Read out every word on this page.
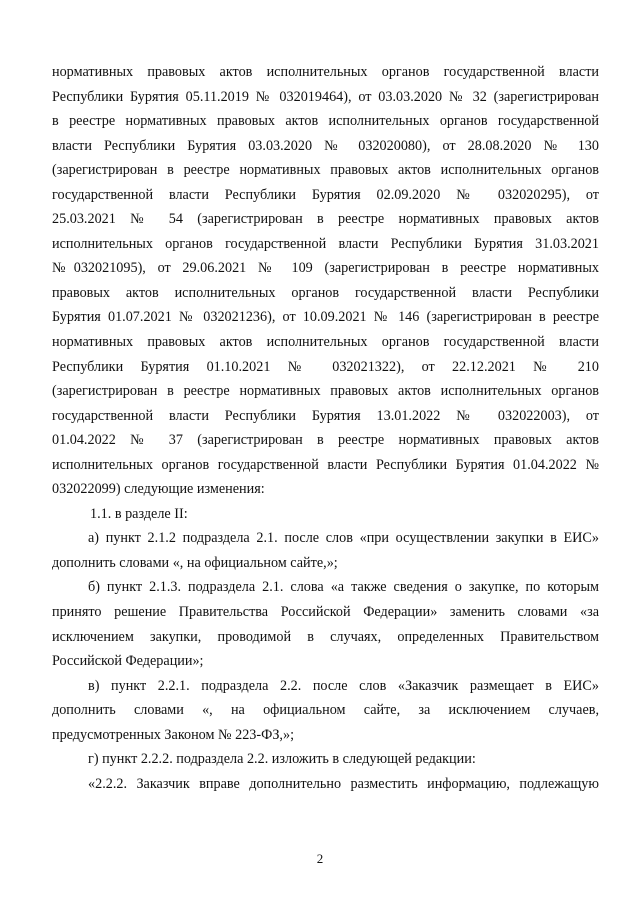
нормативных правовых актов исполнительных органов государственной власти
Республики Бурятия 05.11.2019 № 032019464), от 03.03.2020 № 32 (зарегистрирован
в реестре нормативных правовых актов исполнительных органов государственной
власти Республики Бурятия 03.03.2020 № 032020080), от 28.08.2020 № 130
(зарегистрирован в реестре нормативных правовых актов исполнительных органов
государственной власти Республики Бурятия 02.09.2020 № 032020295), от
25.03.2021 № 54 (зарегистрирован в реестре нормативных правовых актов
исполнительных органов государственной власти Республики Бурятия 31.03.2021
№032021095), от 29.06.2021 № 109 (зарегистрирован в реестре нормативных
правовых актов исполнительных органов государственной власти Республики
Бурятия 01.07.2021 № 032021236), от 10.09.2021 № 146 (зарегистрирован в реестре
нормативных правовых актов исполнительных органов государственной власти
Республики Бурятия 01.10.2021 № 032021322), от 22.12.2021 № 210
(зарегистрирован в реестре нормативных правовых актов исполнительных органов
государственной власти Республики Бурятия 13.01.2022 № 032022003), от
01.04.2022 № 37 (зарегистрирован в реестре нормативных правовых актов
исполнительных органов государственной власти Республики Бурятия 01.04.2022 №
032022099) следующие изменения:
1.1. в разделе II:
а) пункт 2.1.2 подраздела 2.1. после слов «при осуществлении закупки в ЕИС»
дополнить словами «, на официальном сайте,»;
б) пункт 2.1.3. подраздела 2.1. слова «а также сведения о закупке, по которым
принято решение Правительства Российской Федерации» заменить словами «за
исключением закупки, проводимой в случаях, определенных Правительством
Российской Федерации»;
в) пункт 2.2.1. подраздела 2.2. после слов «Заказчик размещает в ЕИС»
дополнить словами «, на официальном сайте, за исключением случаев,
предусмотренных Законом № 223-ФЗ,»;
г) пункт 2.2.2. подраздела 2.2. изложить в следующей редакции:
«2.2.2. Заказчик вправе дополнительно разместить информацию, подлежащую
2
